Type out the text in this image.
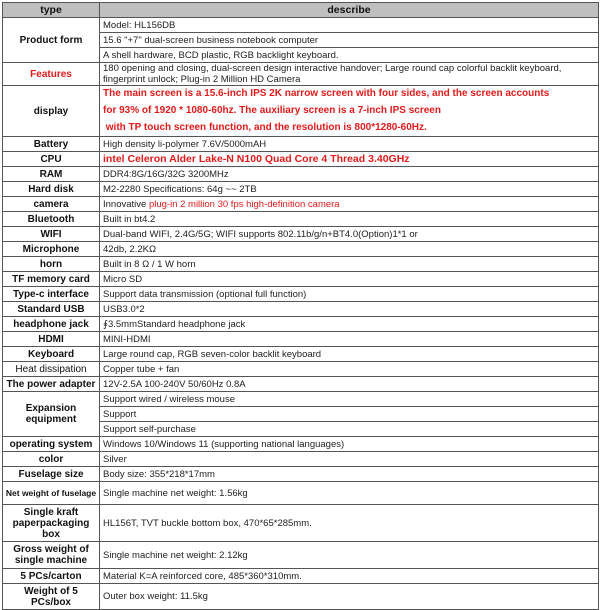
type	describe
Product form	Model: HL156DB
	15.6 "+7" dual-screen business notebook computer
	A shell hardware, BCD plastic, RGB backlight keyboard.
Features	180 opening and closing, dual-screen design interactive handover; Large round cap colorful backlit keyboard, fingerprint unlock; Plug-in 2 Million HD Camera
display	The main screen is a 15.6-inch IPS 2K narrow screen with four sides, and the screen accounts
for 93% of 1920 * 1080-60hz. The auxiliary screen is a 7-inch IPS screen
with TP touch screen function, and the resolution is 800*1280-60Hz.

Battery	High density li-polymer 7.6V/5000mAH
CPU	intel Celeron Alder Lake-N N100 Quad Core 4 Thread 3.40GHz
RAM	DDR4:8G/16G/32G 3200MHz
Hard disk	M2-2280 Specifications: 64g ~~ 2TB
camera	Innovative plug-in 2 million 30 fps high-definition camera
Bluetooth	Built in bt4.2
WIFI	Dual-band WIFI, 2.4G/5G; WIFI supports 802.11b/g/n+BT4.0(Option)1*1 or
Microphone	42db, 2.2KΩ
horn	Built in 8 Ω / 1 W horn
TF memory card	Micro SD
Type-c interface	Support data transmission (optional full function)
Standard USB	USB3.0*2
headphone jack	∮3.5mmStandard headphone jack
HDMI	MINI-HDMI
Keyboard	Large round cap, RGB seven-color backlit keyboard
Heat dissipation	Copper tube + fan
The power adapter	12V-2.5A 100-240V 50/60Hz 0.8A
Expansion equipment	Support wired / wireless mouse
	Support
	Support self-purchase
operating system	Windows 10/Windows 11 (supporting national languages)
color	Silver
Fuselage size	Body size: 355*218*17mm
Net weight of fuselage	Single machine net weight: 1.56kg
Single kraft paperpackaging box	HL156T, TVT buckle bottom box, 470*65*285mm.
Gross weight of single machine	Single machine net weight: 2.12kg
5 PCs/carton	Material K=A reinforced core, 485*360*310mm.
Weight of 5 PCs/box	Outer box weight: 11.5kg
